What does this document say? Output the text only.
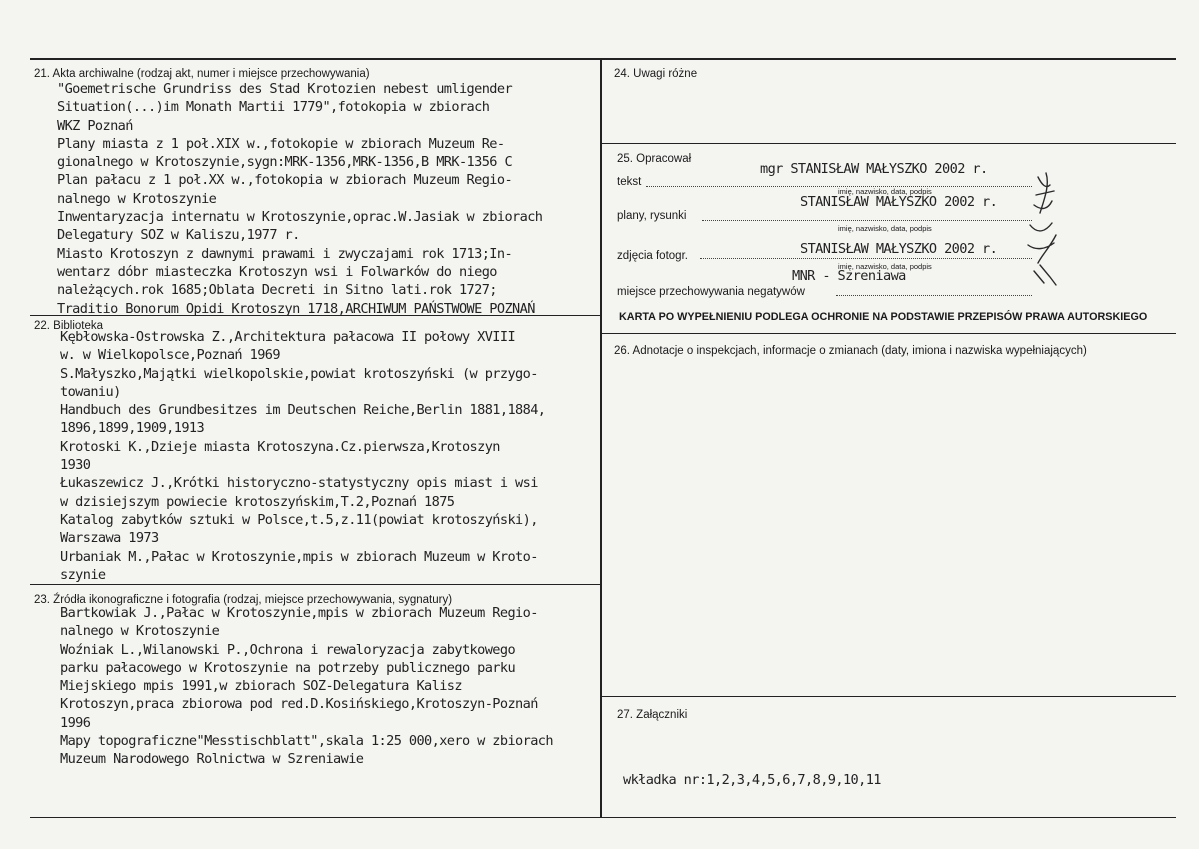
21. Akta archiwalne (rodzaj akt, numer i miejsce przechowywania)
"Goemetrische Grundriss des Stad Krotozien nebest umligender
Situation(...)im Monath Martii 1779",fotokopia w zbiorach
WKZ Poznań
Plany miasta z 1 poł.XIX w.,fotokopie w zbiorach Muzeum Re-
gionalnego w Krotoszynie,sygn:MRK-1356,MRK-1356,B MRK-1356 C
Plan pałacu z 1 poł.XX w.,fotokopia w zbiorach Muzeum Regio-
nalnego w Krotoszynie
Inwentaryzacja internatu w Krotoszynie,oprac.W.Jasiak w zbiorach
Delegatury SOZ w Kaliszu,1977 r.
Miasto Krotoszyn z dawnymi prawami i zwyczajami rok 1713;In-
wentarz dóbr miasteczka Krotoszyn wsi i Folwarków do niego
należących.rok 1685;Oblata Decreti in Sitno lati.rok 1727;
Traditio Bonorum Opidi Krotoszyn 1718,ARCHIWUM PAŃSTWOWE POZNAŃ
22. Biblioteka
Kębłowska-Ostrowska Z.,Architektura pałacowa II połowy XVIII
w. w Wielkopolsce,Poznań 1969
S.Małyszko,Majątki wielkopolskie,powiat krotoszyński (w przygo-
towaniu)
Handbuch des Grundbesitzes im Deutschen Reiche,Berlin 1881,1884,
1896,1899,1909,1913
Krotoski K.,Dzieje miasta Krotoszyna.Cz.pierwsza,Krotoszyn
1930
Łukaszewicz J.,Krótki historyczno-statystyczny opis miast i wsi
w dzisiejszym powiecie krotoszyńskim,T.2,Poznań 1875
Katalog zabytków sztuki w Polsce,t.5,z.11(powiat krotoszyński),
Warszawa 1973
Urbaniak M.,Pałac w Krotoszynie,mpis w zbiorach Muzeum w Kroto-
szynie
23. Źródła ikonograficzne i fotografia (rodzaj, miejsce przechowywania, sygnatury)
Bartkowiak J.,Pałac w Krotoszynie,mpis w zbiorach Muzeum Regio-
nalnego w Krotoszynie
Woźniak L.,Wilanowski P.,Ochrona i rewaloryzacja zabytkowego
parku pałacowego w Krotoszynie na potrzeby publicznego parku
Miejskiego mpis 1991,w zbiorach SOZ-Delegatura Kalisz
Krotoszyn,praca zbiorowa pod red.D.Kosińskiego,Krotoszyn-Poznań
1996
Mapy topograficzne"Messtischblatt",skala 1:25 000,xero w zbiorach
Muzeum Narodowego Rolnictwa w Szreniawie
24. Uwagi różne
25. Opracował
tekst
mgr STANISŁAW MAŁYSZKO 2002 r.
imię, nazwisko, data, podpis
plany, rysunki
STANISŁAW MAŁYSZKO 2002 r.
imię, nazwisko, data, podpis
zdjęcia fotogr.	STANISŁAW MAŁYSZKO 2002 r.
imię, nazwisko, data, podpis
MNR - Szreniawa
miejsce przechowywania negatywów
KARTA PO WYPEŁNIENIU PODLEGA OCHRONIE NA PODSTAWIE PRZEPISÓW PRAWA AUTORSKIEGO
26. Adnotacje o inspekcjach, informacje o zmianach (daty, imiona i nazwiska wypełniających)
27. Załączniki
wkładka nr:1,2,3,4,5,6,7,8,9,10,11
